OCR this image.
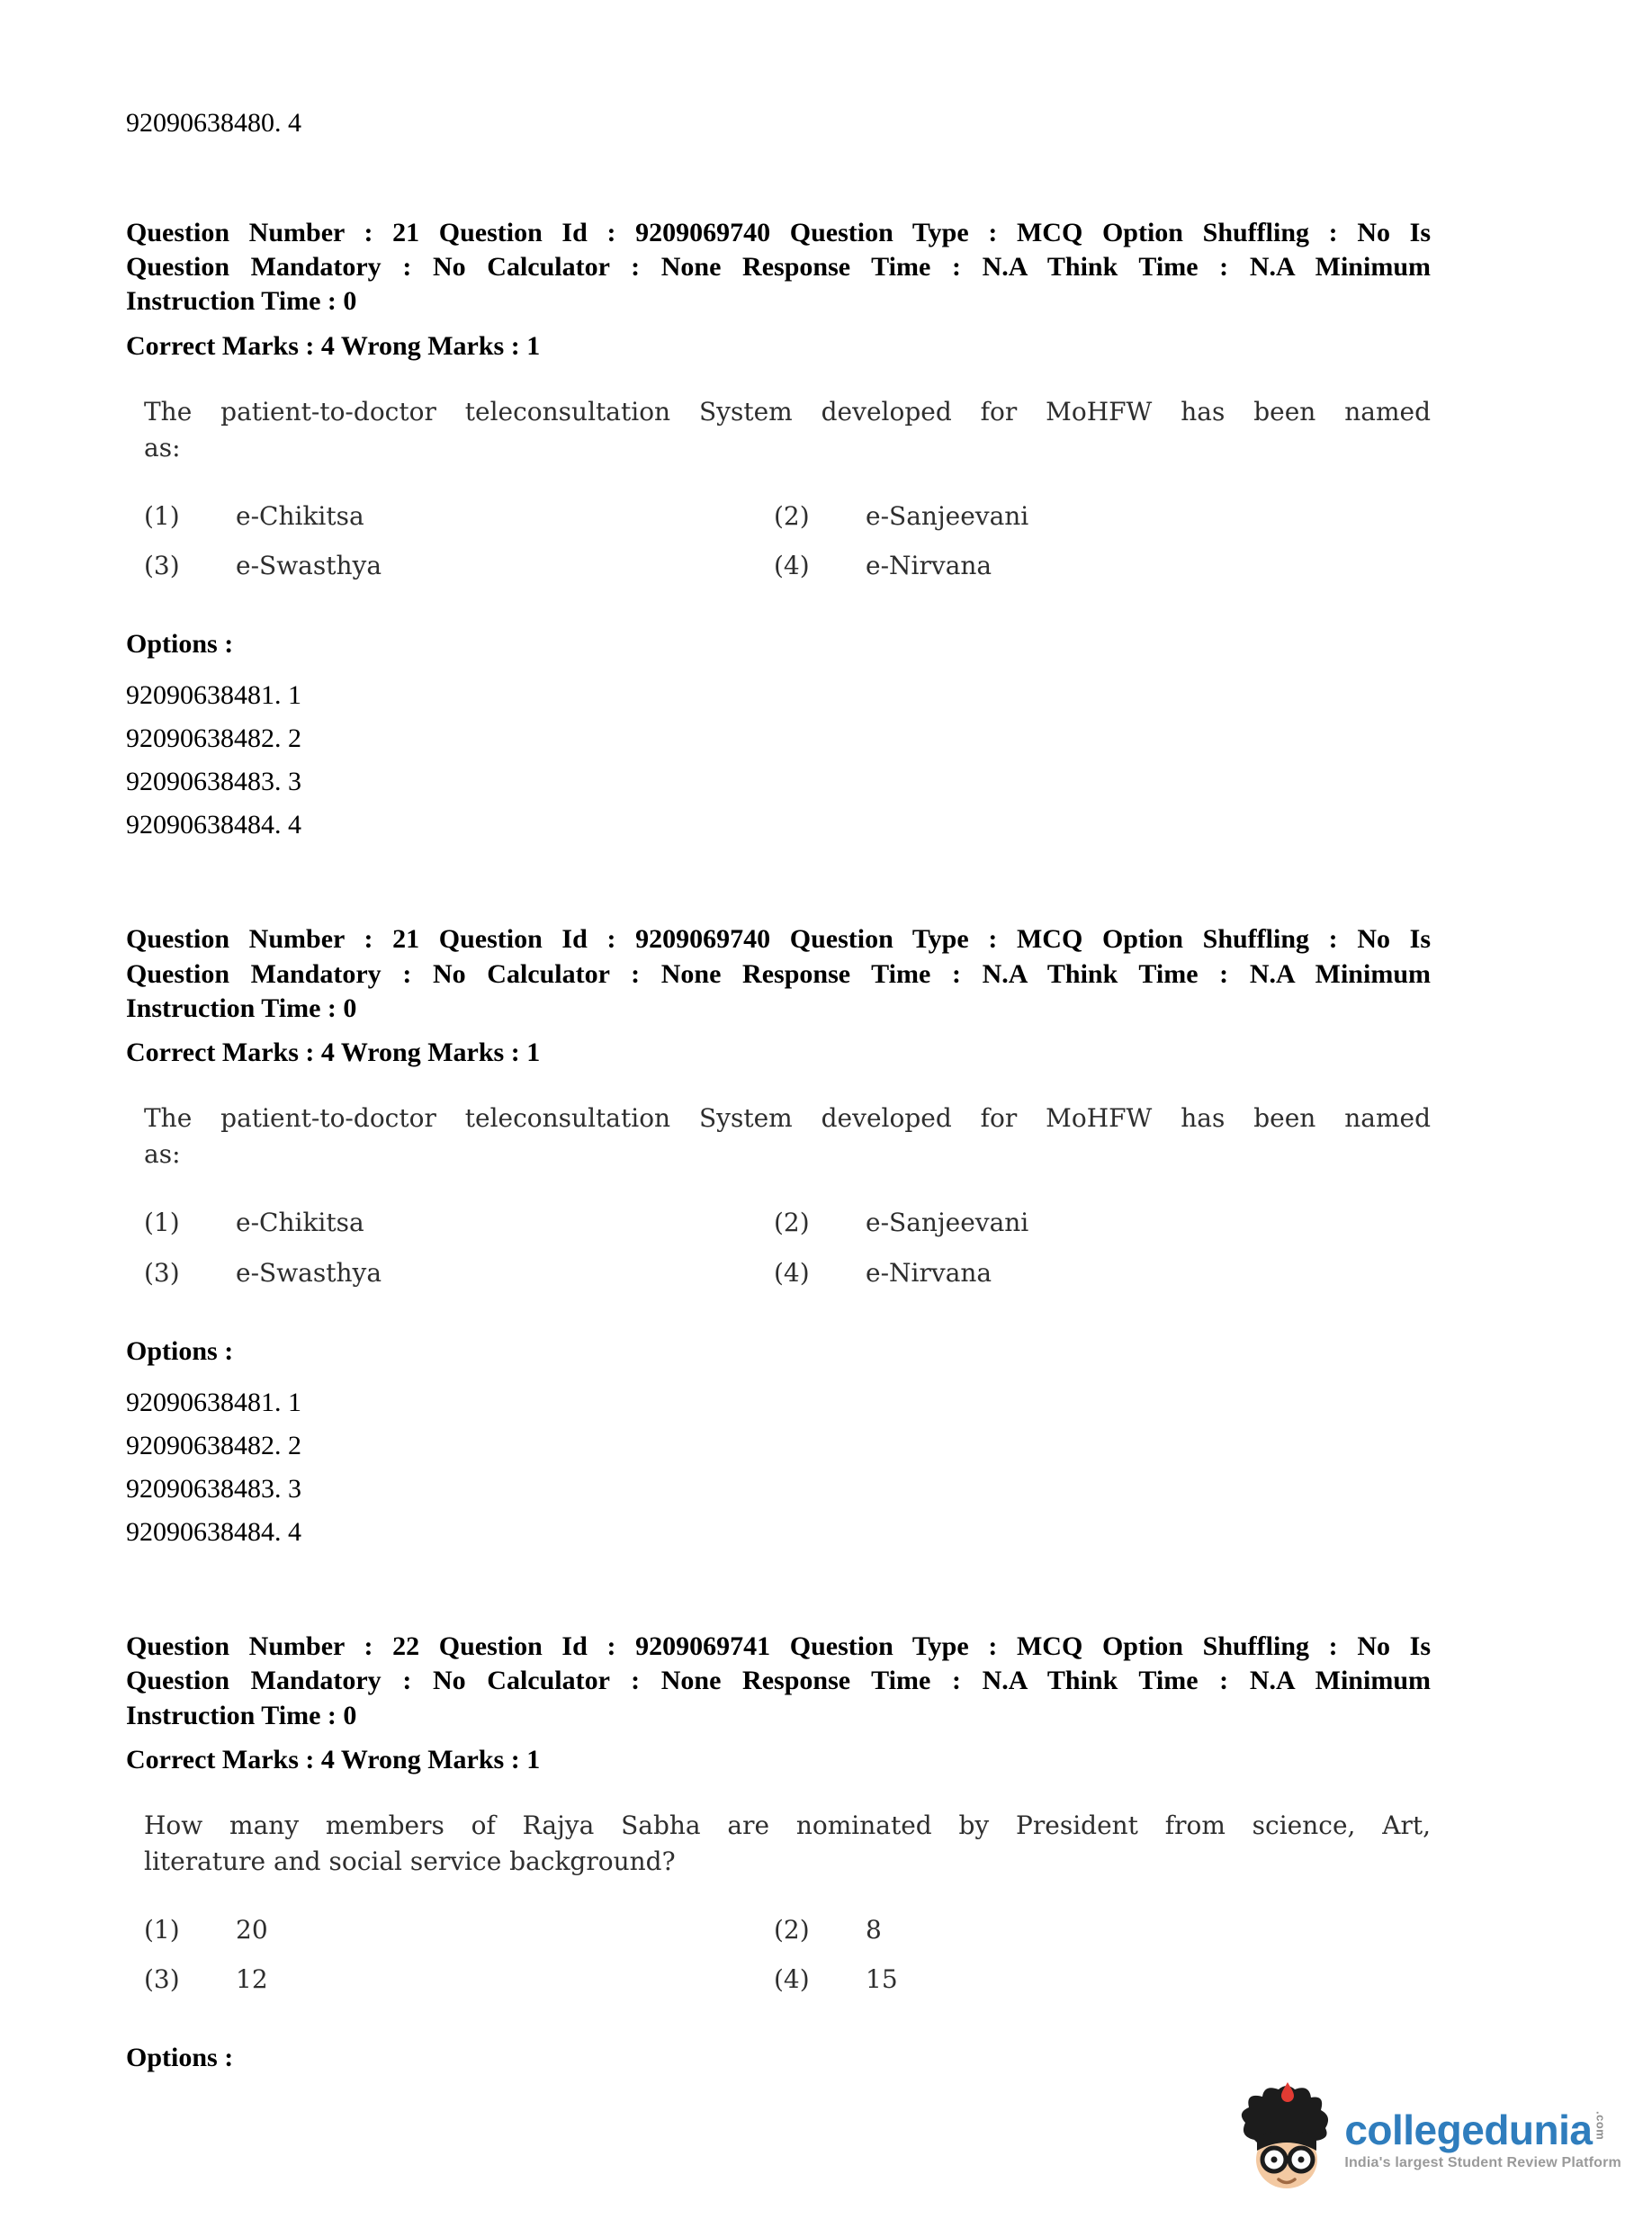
92090638480. 4

Question Number : 21 Question Id : 9209069740 Question Type : MCQ Option Shuffling : No Is
Question Mandatory : No Calculator : None Response Time : N.A Think Time : N.A Minimum
Instruction Time : 0

Correct Marks : 4 Wrong Marks : 1

The patient-to-doctor teleconsultation System developed for MoHFW has been named
as:
(1)	e-Chikitsa	(2)	e-Sanjeevani
(3)	e-Swasthya	(4)	e-Nirvana

Options :

92090638481. 1

92090638482. 2

92090638483. 3

92090638484. 4

Question Number : 21 Question Id : 9209069740 Question Type : MCQ Option Shuffling : No Is
Question Mandatory : No Calculator : None Response Time : N.A Think Time : N.A Minimum
Instruction Time : 0

Correct Marks : 4 Wrong Marks : 1

The patient-to-doctor teleconsultation System developed for MoHFW has been named
as:
(1)	e-Chikitsa	(2)	e-Sanjeevani
(3)	e-Swasthya	(4)	e-Nirvana

Options :

92090638481. 1

92090638482. 2

92090638483. 3

92090638484. 4

Question Number : 22 Question Id : 9209069741 Question Type : MCQ Option Shuffling : No Is
Question Mandatory : No Calculator : None Response Time : N.A Think Time : N.A Minimum
Instruction Time : 0

Correct Marks : 4 Wrong Marks : 1

How many members of Rajya Sabha are nominated by President from science, Art,
literature and social service background?
(1)	20	(2)	8
(3)	12	(4)	15

Options :

collegedunia .com
India's largest Student Review Platform
